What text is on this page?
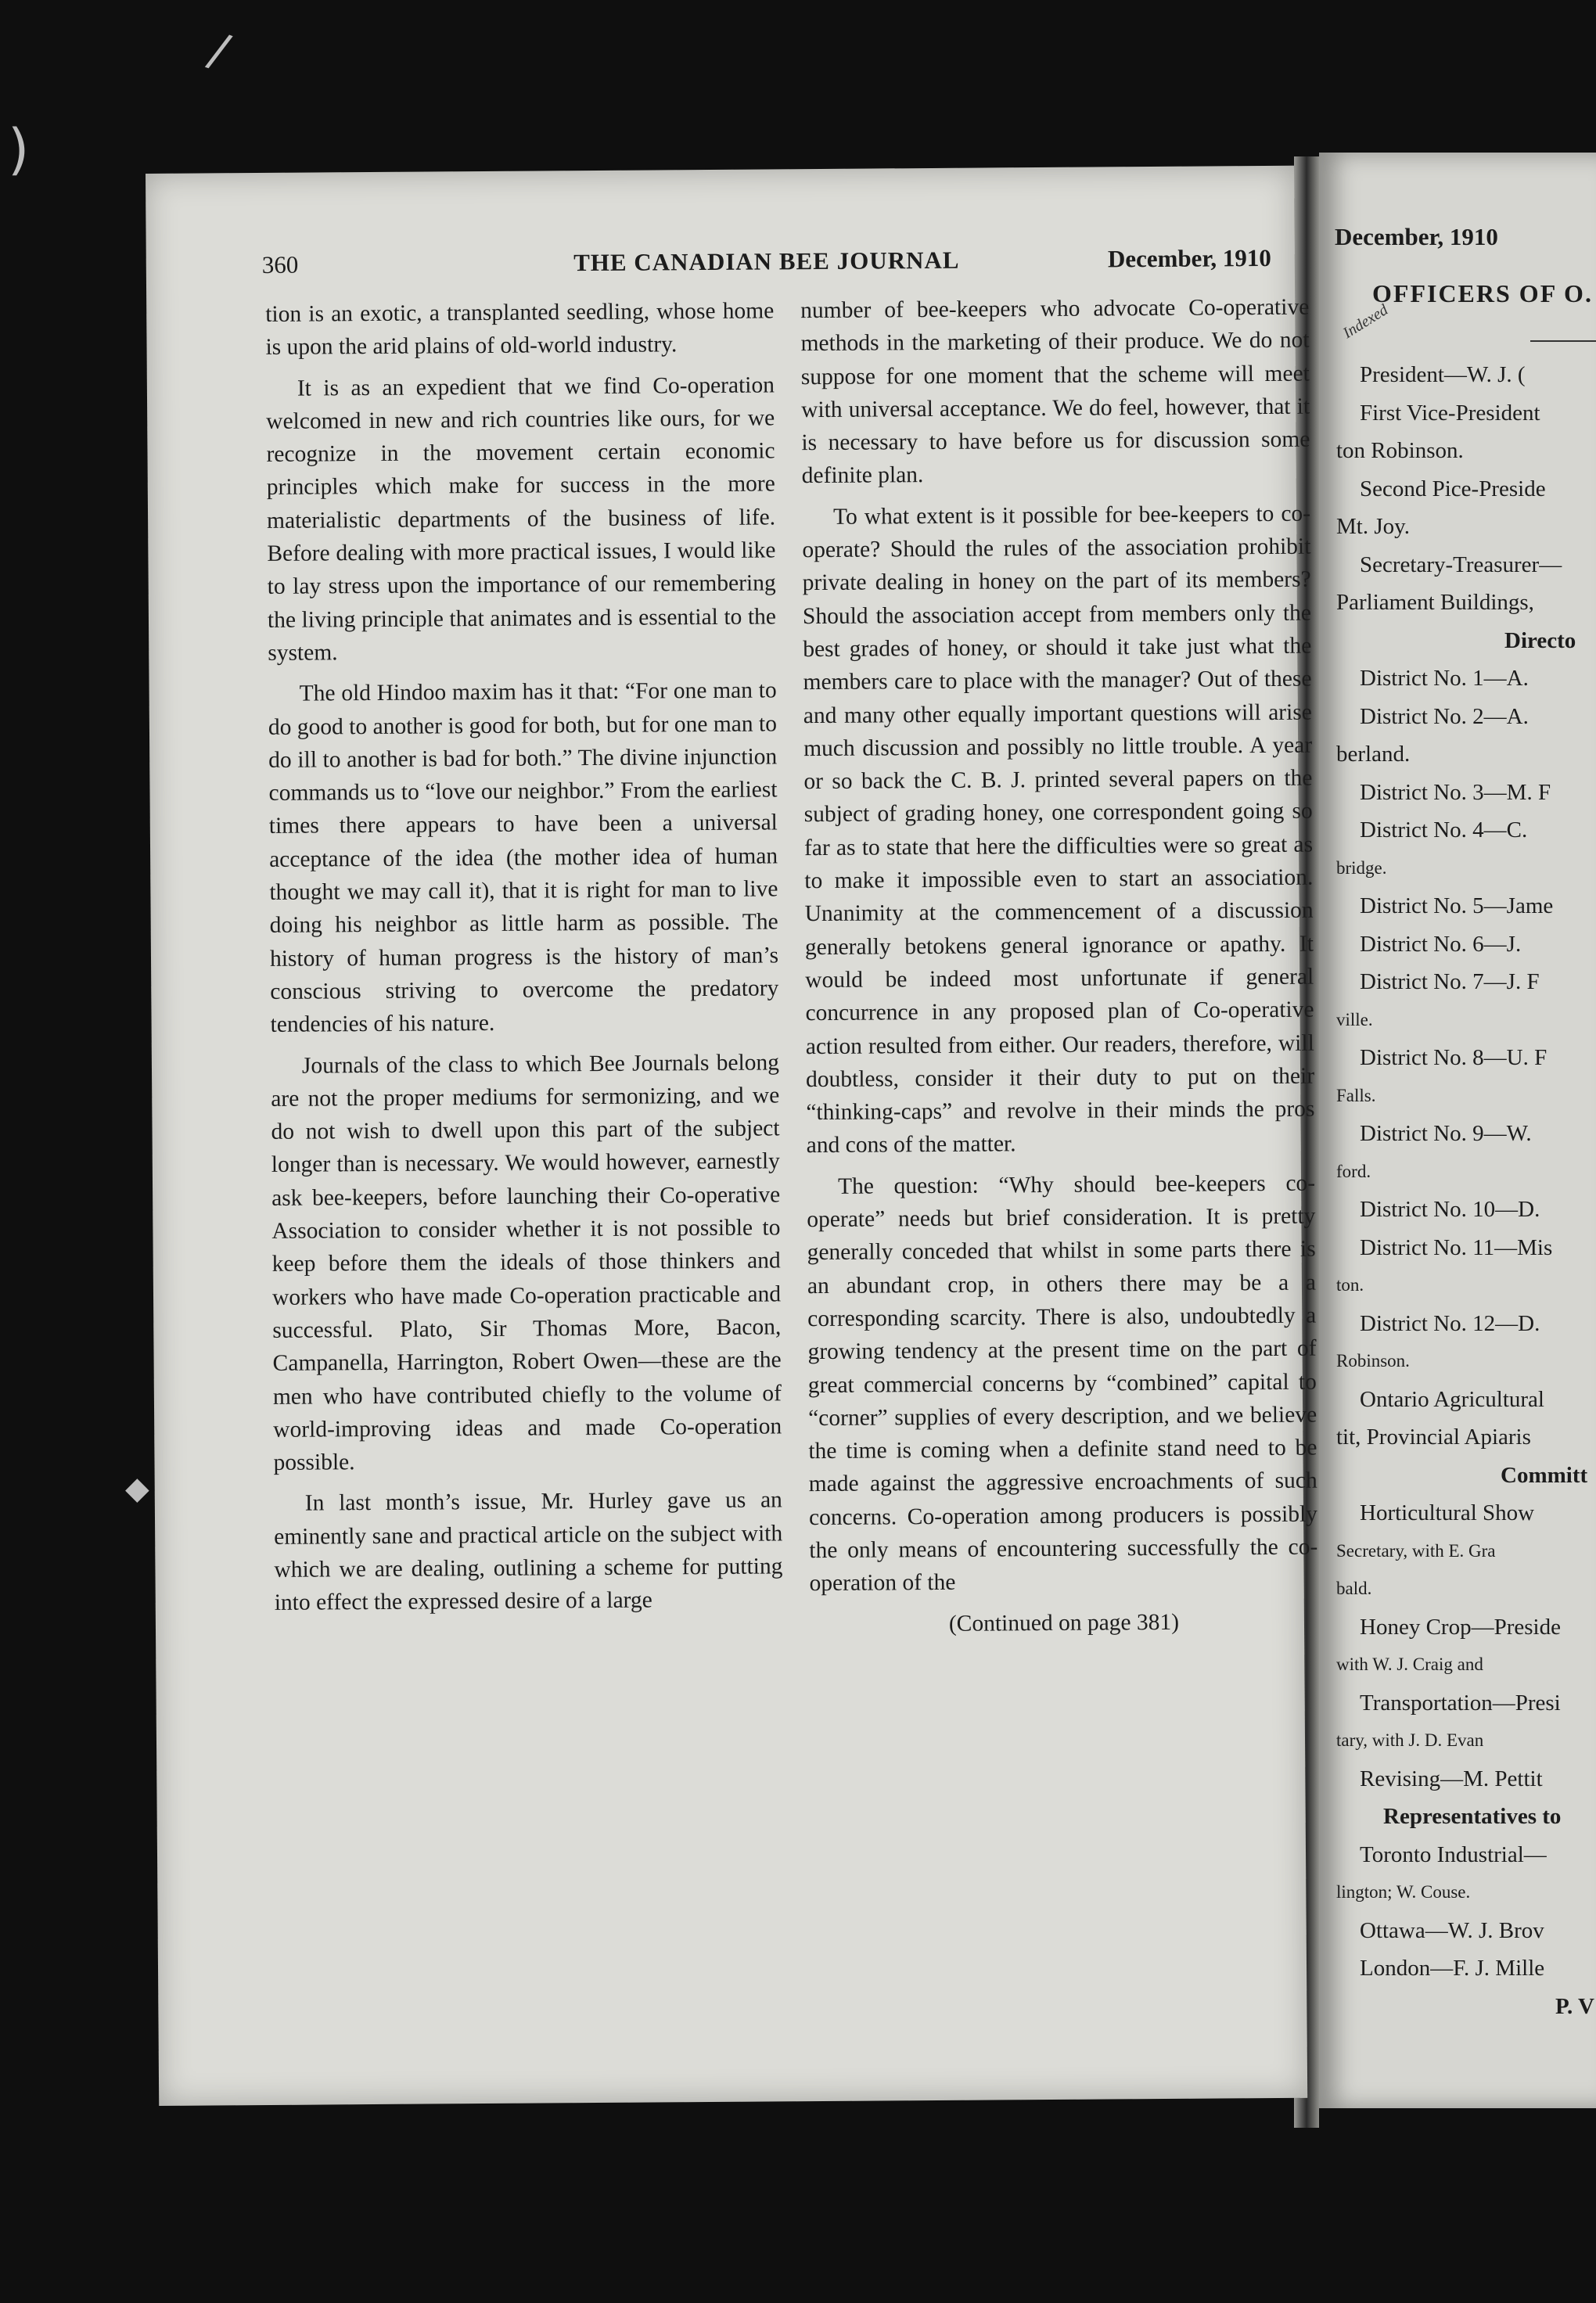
/
)
◆
360	THE CANADIAN BEE JOURNAL	December, 1910

tion is an exotic, a transplanted seedling, whose home is upon the arid plains of old-world industry.

It is as an expedient that we find Co-operation welcomed in new and rich countries like ours, for we recognize in the movement certain economic principles which make for success in the more materialistic departments of the business of life. Before dealing with more practical issues, I would like to lay stress upon the importance of our remembering the living principle that animates and is essential to the system.

The old Hindoo maxim has it that: “For one man to do good to another is good for both, but for one man to do ill to another is bad for both.” The divine injunction commands us to “love our neighbor.” From the earliest times there appears to have been a universal acceptance of the idea (the mother idea of human thought we may call it), that it is right for man to live doing his neighbor as little harm as possible. The history of human progress is the history of man’s conscious striving to overcome the predatory tendencies of his nature.

Journals of the class to which Bee Journals belong are not the proper mediums for sermonizing, and we do not wish to dwell upon this part of the subject longer than is necessary. We would however, earnestly ask bee-keepers, before launching their Co-operative Association to consider whether it is not possible to keep before them the ideals of those thinkers and workers who have made Co-operation practicable and successful. Plato, Sir Thomas More, Bacon, Campanella, Harrington, Robert Owen—these are the men who have contributed chiefly to the volume of world-improving ideas and made Co-operation possible.

In last month’s issue, Mr. Hurley gave us an eminently sane and practical article on the subject with which we are dealing, outlining a scheme for putting into effect the expressed desire of a large

number of bee-keepers who advocate Co-operative methods in the marketing of their produce. We do not suppose for one moment that the scheme will meet with universal acceptance. We do feel, however, that it is necessary to have before us for discussion some definite plan.

To what extent is it possible for bee-keepers to co-operate? Should the rules of the association prohibit private dealing in honey on the part of its members? Should the association accept from members only the best grades of honey, or should it take just what the members care to place with the manager? Out of these and many other equally important questions will arise much discussion and possibly no little trouble. A year or so back the C. B. J. printed several papers on the subject of grading honey, one correspondent going so far as to state that here the difficulties were so great as to make it impossible even to start an association. Unanimity at the commencement of a discussion generally betokens general ignorance or apathy. It would be indeed most unfortunate if general concurrence in any proposed plan of Co-operative action resulted from either. Our readers, therefore, will doubtless, consider it their duty to put on their “thinking-caps” and revolve in their minds the pros and cons of the matter.

The question: “Why should bee-keepers co-operate” needs but brief consideration. It is pretty generally conceded that whilst in some parts there is an abundant crop, in others there may be a a corresponding scarcity. There is also, undoubtedly a growing tendency at the present time on the part of great commercial concerns by “combined” capital to “corner” supplies of every description, and we believe the time is coming when a definite stand need to be made against the aggressive encroachments of such concerns. Co-operation among producers is possibly the only means of encountering successfully the co-operation of the

(Continued on page 381)

December, 1910
OFFICERS OF O.
Indexed
President—W. J. (
First Vice-President
ton Robinson.
Second Pice-Preside
Mt. Joy.
Secretary-Treasurer—
Parliament Buildings,
Directo
District No. 1—A.
District No. 2—A.
berland.
District No. 3—M. F
District No. 4—C.
bridge.
District No. 5—Jame
District No. 6—J.
District No. 7—J. F
ville.
District No. 8—U. F
Falls.
District No. 9—W.
ford.
District No. 10—D.
District No. 11—Mis
ton.
District No. 12—D.
Robinson.
Ontario Agricultural
tit, Provincial Apiaris
Committ
Horticultural Show
Secretary, with E. Gra
bald.
Honey Crop—Preside
with W. J. Craig and
Transportation—Presi
tary, with J. D. Evan
Revising—M. Pettit
Representatives to
Toronto Industrial—
lington; W. Couse.
Ottawa—W. J. Brov
London—F. J. Mille
P. V
